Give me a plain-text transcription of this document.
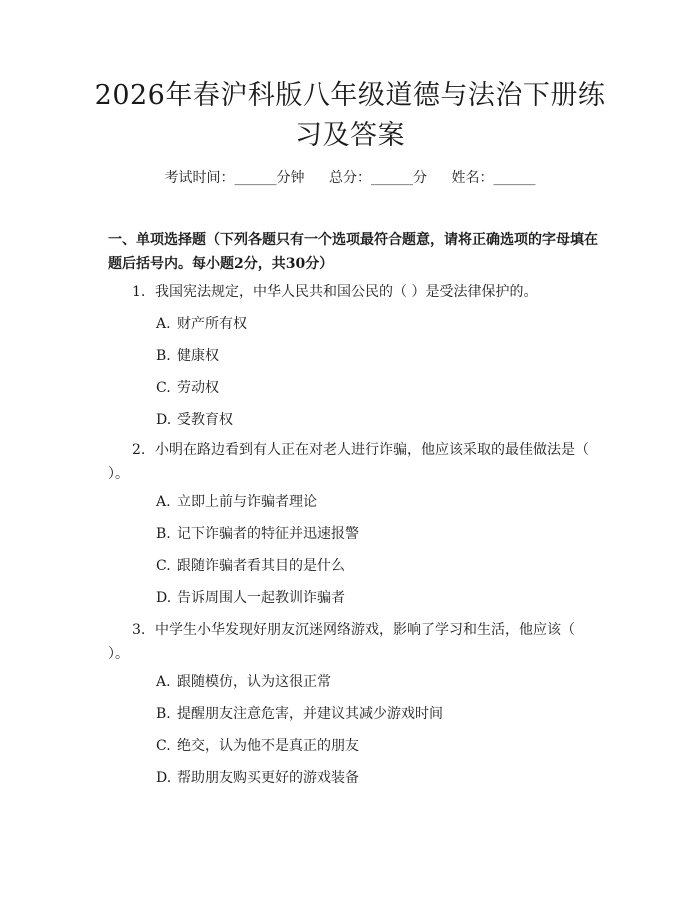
2026年春沪科版八年级道德与法治下册练习及答案
考试时间：______分钟 总分：______分 姓名：______

一、单项选择题（下列各题只有一个选项最符合题意，请将正确选项的字母填在题后括号内。每小题2分，共30分）

1. 我国宪法规定，中华人民共和国公民的（ ）是受法律保护的。

A. 财产所有权

B. 健康权

C. 劳动权

D. 受教育权

2. 小明在路边看到有人正在对老人进行诈骗，他应该采取的最佳做法是（ ）。

A. 立即上前与诈骗者理论

B. 记下诈骗者的特征并迅速报警

C. 跟随诈骗者看其目的是什么

D. 告诉周围人一起教训诈骗者

3. 中学生小华发现好朋友沉迷网络游戏，影响了学习和生活，他应该（ ）。

A. 跟随模仿，认为这很正常

B. 提醒朋友注意危害，并建议其减少游戏时间

C. 绝交，认为他不是真正的朋友

D. 帮助朋友购买更好的游戏装备
